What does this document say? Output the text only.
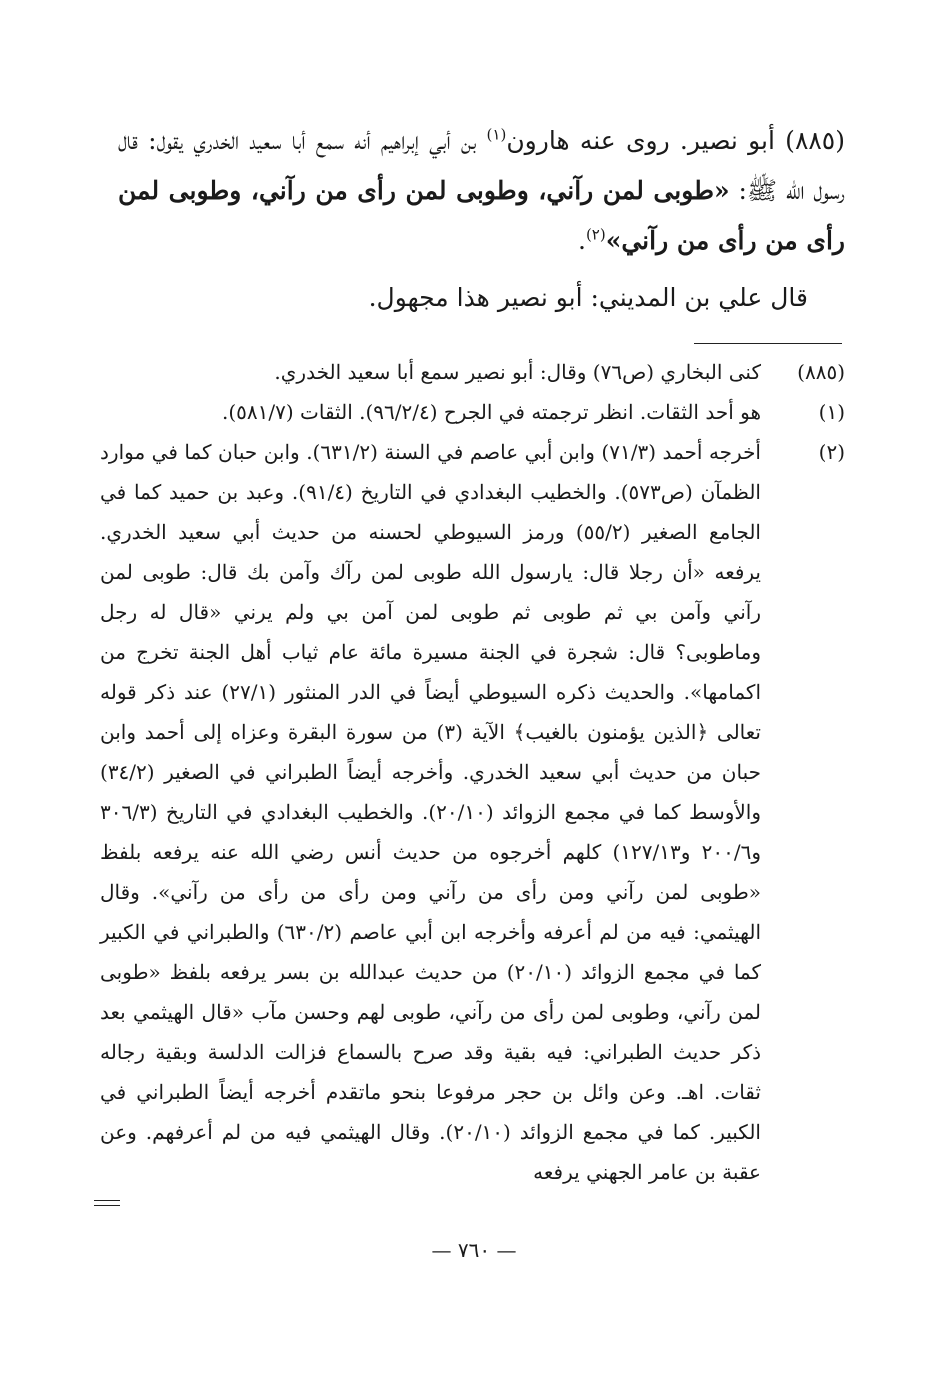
(٨٨٥) أبو نصير. روى عنه هارون$^{(١)}$ بن أبي إبراهيم أنه سمع أبا سعيد الخدري يقول: قال رسول الله ﷺ: «طوبى لمن رآني، وطوبى لمن رأى من رآني، وطوبى لمن رأى من رأى من رآني»$^{(٢)}$.

قال علي بن المديني: أبو نصير هذا مجهول.
(٨٨٥)
كنى البخاري (ص٧٦) وقال: أبو نصير سمع أبا سعيد الخدري.
(١)
هو أحد الثقات. انظر ترجمته في الجرح (٩٦/٢/٤). الثقات (٥٨١/٧).
(٢)
أخرجه أحمد (٧١/٣) وابن أبي عاصم في السنة (٦٣١/٢). وابن حبان كما في موارد الظمآن (ص٥٧٣). والخطيب البغدادي في التاريخ (٩١/٤). وعبد بن حميد كما في الجامع الصغير (٥٥/٢) ورمز السيوطي لحسنه من حديث أبي سعيد الخدري. يرفعه «أن رجلا قال: يارسول الله طوبى لمن رآك وآمن بك قال: طوبى لمن رآني وآمن بي ثم طوبى ثم طوبى لمن آمن بي ولم يرني «قال له رجل وماطوبى؟ قال: شجرة في الجنة مسيرة مائة عام ثياب أهل الجنة تخرج من اكمامها». والحديث ذكره السيوطي أيضاً في الدر المنثور (٢٧/١) عند ذكر قوله تعالى ﴿الذين يؤمنون بالغيب﴾ الآية (٣) من سورة البقرة وعزاه إلى أحمد وابن حبان من حديث أبي سعيد الخدري. وأخرجه أيضاً الطبراني في الصغير (٣٤/٢) والأوسط كما في مجمع الزوائد (٢٠/١٠). والخطيب البغدادي في التاريخ (٣٠٦/٣ و٢٠٠/٦ و١٢٧/١٣) كلهم أخرجوه من حديث أنس رضي الله عنه يرفعه بلفظ «طوبى لمن رآني ومن رأى من رآني ومن رأى من رأى من رآني». وقال الهيثمي: فيه من لم أعرفه وأخرجه ابن أبي عاصم (٦٣٠/٢) والطبراني في الكبير كما في مجمع الزوائد (٢٠/١٠) من حديث عبدالله بن بسر يرفعه بلفظ «طوبى لمن رآني، وطوبى لمن رأى من رآني، طوبى لهم وحسن مآب «قال الهيثمي بعد ذكر حديث الطبراني: فيه بقية وقد صرح بالسماع فزالت الدلسة وبقية رجاله ثقات. اهـ. وعن وائل بن حجر مرفوعا بنحو ماتقدم أخرجه أيضاً الطبراني في الكبير. كما في مجمع الزوائد (٢٠/١٠). وقال الهيثمي فيه من لم أعرفهم. وعن عقبة بن عامر الجهني يرفعه
— ٧٦٠ —
